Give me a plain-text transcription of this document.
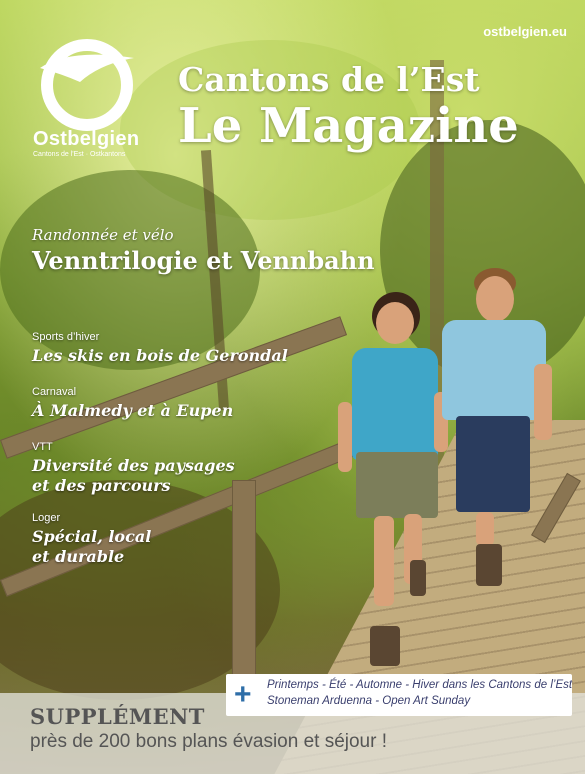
Ostbelgien
Cantons de l'Est · Ostkantons
ostbelgien.eu
Cantons de l’Est
Le Magazine
Randonnée et vélo
Venntrilogie et Vennbahn
Sports d’hiver
Les skis en bois de Gerondal
Carnaval
À Malmedy et à Eupen
VTT
Diversité des paysages
et des parcours
Loger
Spécial, local
et durable
+ Printemps - Été - Automne - Hiver dans les Cantons de l’Est
Stoneman Arduenna - Open Art Sunday
SUPPLÉMENT
près de 200 bons plans évasion et séjour !
